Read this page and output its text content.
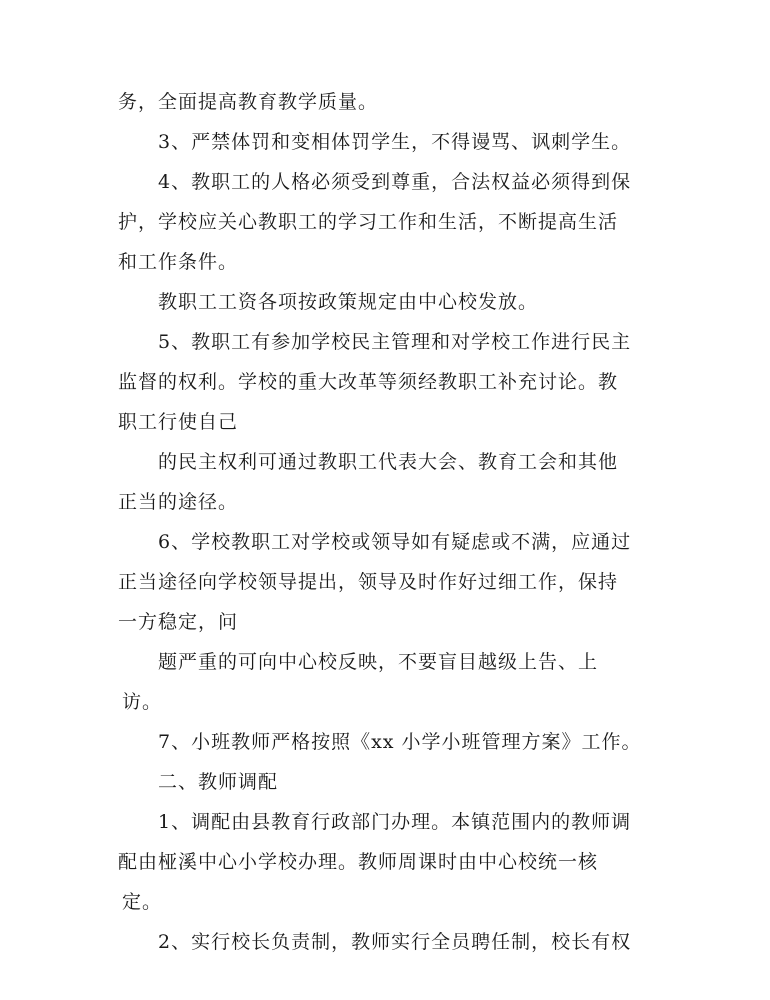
务，全面提高教育教学质量。
3、严禁体罚和变相体罚学生，不得谩骂、讽刺学生。
4、教职工的人格必须受到尊重，合法权益必须得到保
护，学校应关心教职工的学习工作和生活，不断提高生活
和工作条件。
教职工工资各项按政策规定由中心校发放。
5、教职工有参加学校民主管理和对学校工作进行民主
监督的权利。学校的重大改革等须经教职工补充讨论。教
职工行使自己
的民主权利可通过教职工代表大会、教育工会和其他
正当的途径。
6、学校教职工对学校或领导如有疑虑或不满，应通过
正当途径向学校领导提出，领导及时作好过细工作，保持
一方稳定，问
题严重的可向中心校反映，不要盲目越级上告、上
访。
7、小班教师严格按照《xx 小学小班管理方案》工作。
二、教师调配
1、调配由县教育行政部门办理。本镇范围内的教师调
配由桠溪中心小学校办理。教师周课时由中心校统一核
定。
2、实行校长负责制，教师实行全员聘任制，校长有权
